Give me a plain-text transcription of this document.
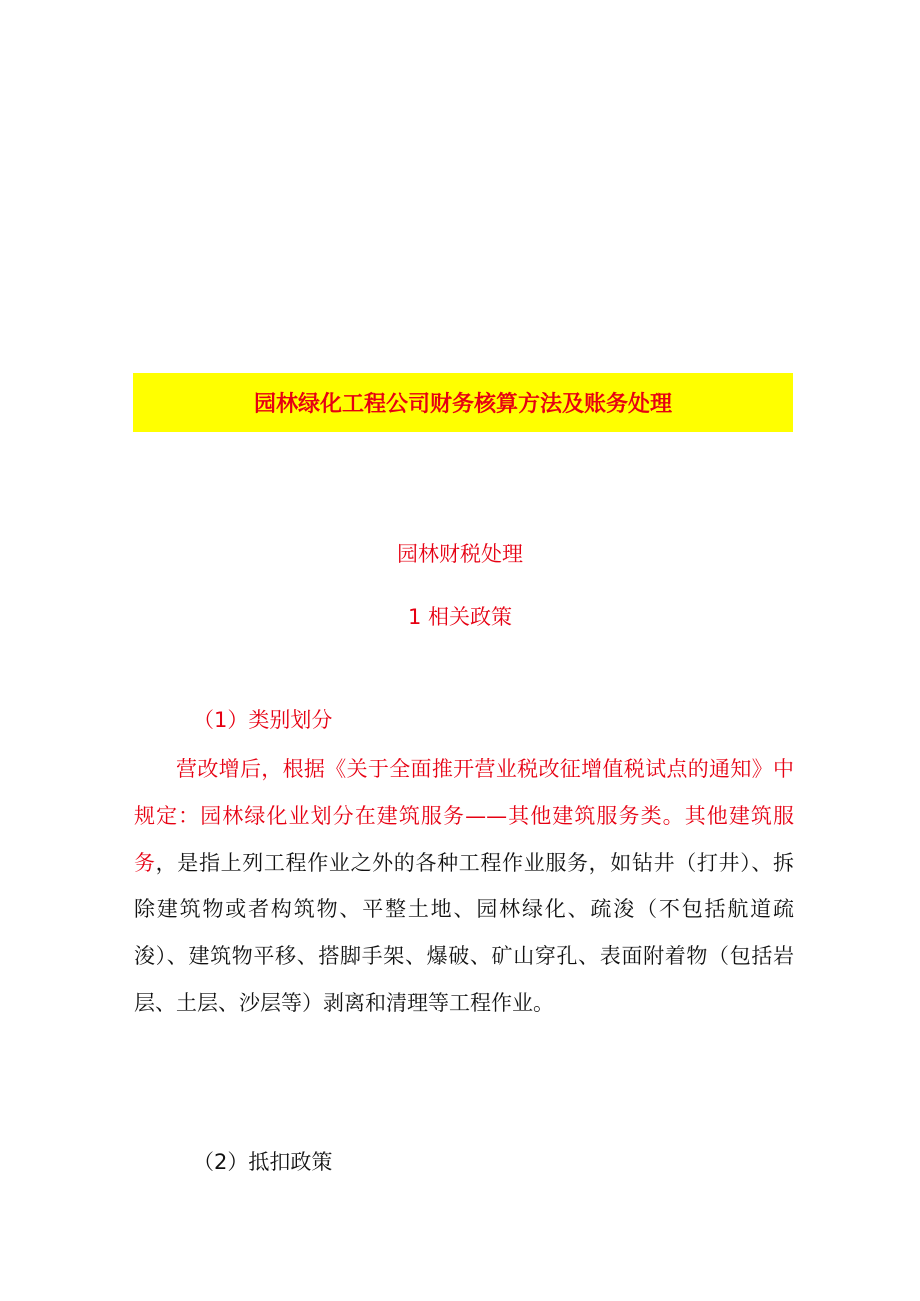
园林绿化工程公司财务核算方法及账务处理
园林财税处理
1 相关政策
（1）类别划分
营改增后，根据《关于全面推开营业税改征增值税试点的通知》中规定：园林绿化业划分在建筑服务——其他建筑服务类。其他建筑服务，是指上列工程作业之外的各种工程作业服务，如钻井（打井）、拆除建筑物或者构筑物、平整土地、园林绿化、疏浚（不包括航道疏浚）、建筑物平移、搭脚手架、爆破、矿山穿孔、表面附着物（包括岩层、土层、沙层等）剥离和清理等工程作业。
（2）抵扣政策
